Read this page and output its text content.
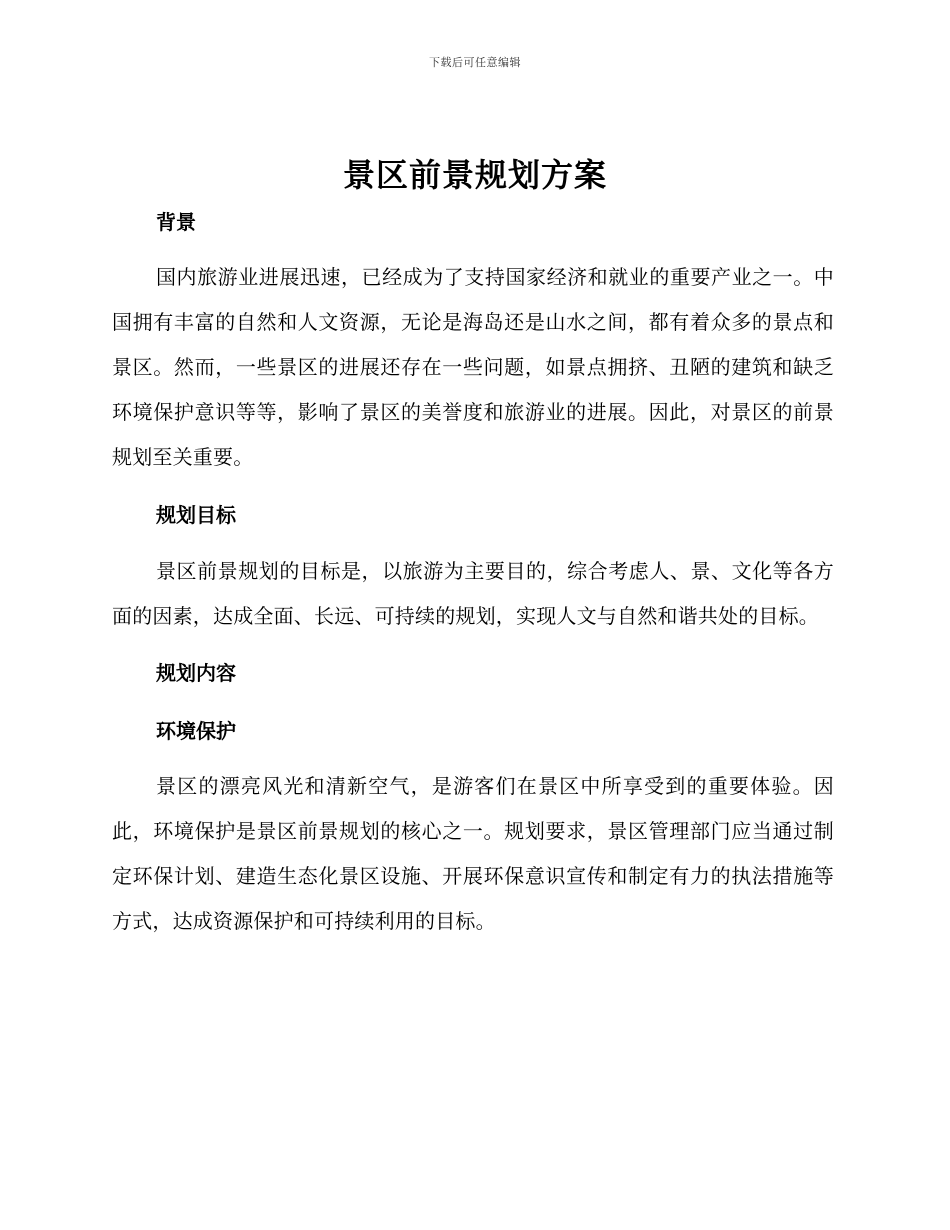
下载后可任意编辑
景区前景规划方案

背景

国内旅游业进展迅速，已经成为了支持国家经济和就业的重要产业之一。中国拥有丰富的自然和人文资源，无论是海岛还是山水之间，都有着众多的景点和景区。然而，一些景区的进展还存在一些问题，如景点拥挤、丑陋的建筑和缺乏环境保护意识等等，影响了景区的美誉度和旅游业的进展。因此，对景区的前景规划至关重要。

规划目标

景区前景规划的目标是，以旅游为主要目的，综合考虑人、景、文化等各方面的因素，达成全面、长远、可持续的规划，实现人文与自然和谐共处的目标。

规划内容

环境保护

景区的漂亮风光和清新空气，是游客们在景区中所享受到的重要体验。因此，环境保护是景区前景规划的核心之一。规划要求，景区管理部门应当通过制定环保计划、建造生态化景区设施、开展环保意识宣传和制定有力的执法措施等方式，达成资源保护和可持续利用的目标。
